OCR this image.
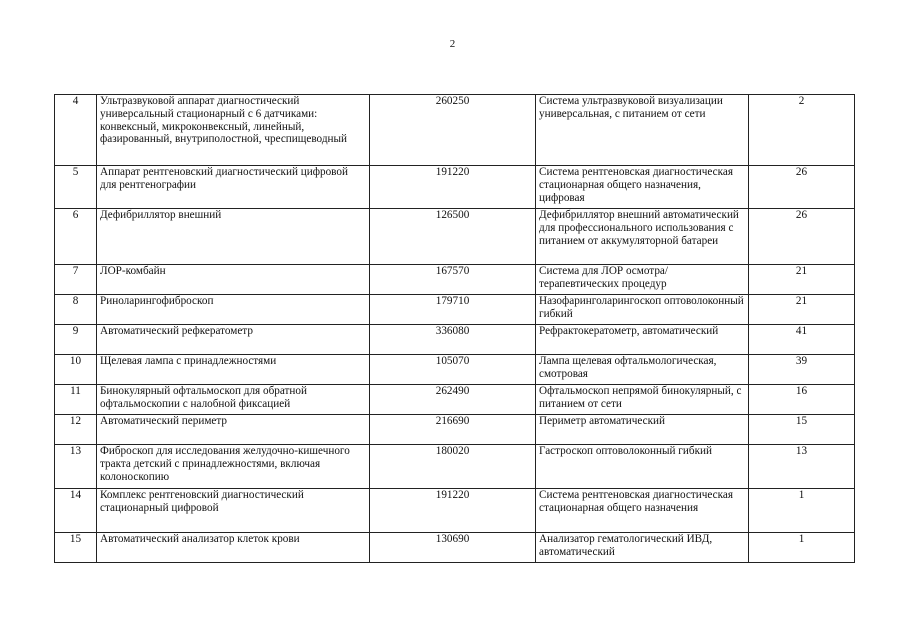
2
4	Ультразвуковой аппарат диагностический универсальный стационарный с 6 датчиками: конвексный, микроконвексный, линейный, фазированный, внутриполостной, чреспищеводный	260250	Система ультразвуковой визуализации универсальная, с питанием от сети	2
5	Аппарат рентгеновский диагностический цифровой для рентгенографии	191220	Система рентгеновская диагностическая стационарная общего назначения, цифровая	26
6	Дефибриллятор внешний	126500	Дефибриллятор внешний автоматический для профессионального использования с питанием от аккумуляторной батареи	26
7	ЛОР-комбайн	167570	Система для ЛОР осмотра/терапевтических процедур	21
8	Риноларингофиброскоп	179710	Назофаринголарингоскоп оптоволоконный гибкий	21
9	Автоматический рефкератометр	336080	Рефрактокератометр, автоматический	41
10	Щелевая лампа с принадлежностями	105070	Лампа щелевая офтальмологическая, смотровая	39
11	Бинокулярный офтальмоскоп для обратной офтальмоскопии с налобной фиксацией	262490	Офтальмоскоп непрямой бинокулярный, с питанием от сети	16
12	Автоматический периметр	216690	Периметр автоматический	15
13	Фиброскоп для исследования желудочно-кишечного тракта детский с принадлежностями, включая колоноскопию	180020	Гастроскоп оптоволоконный гибкий	13
14	Комплекс рентгеновский диагностический стационарный цифровой	191220	Система рентгеновская диагностическая стационарная общего назначения	1
15	Автоматический анализатор клеток крови	130690	Анализатор гематологический ИВД, автоматический	1
